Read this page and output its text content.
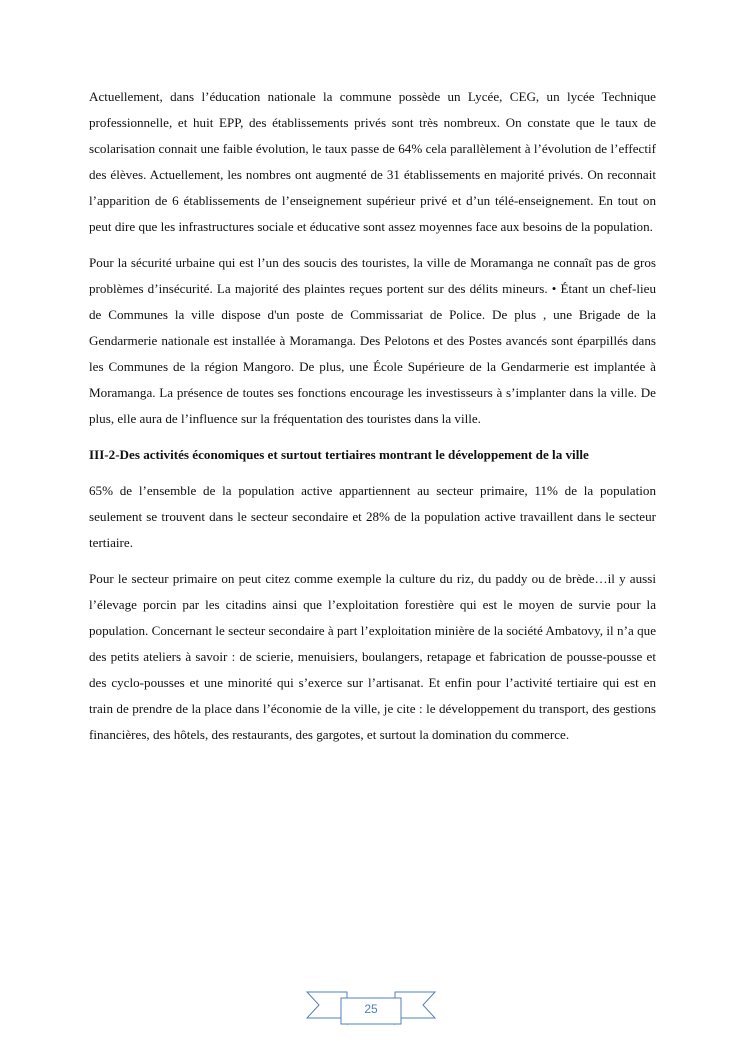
Actuellement, dans l’éducation nationale la commune possède un Lycée, CEG, un lycée Technique professionnelle, et huit EPP, des établissements privés sont très nombreux. On constate que le taux de scolarisation connait une faible évolution, le taux passe de 64% cela parallèlement à l’évolution de l’effectif des élèves. Actuellement, les nombres ont augmenté de 31 établissements en majorité privés. On reconnait l’apparition de 6 établissements de l’enseignement supérieur privé et d’un télé-enseignement. En tout on peut dire que les infrastructures sociale et éducative sont assez moyennes face aux besoins de la population.

Pour la sécurité urbaine qui est l’un des soucis des touristes, la ville de Moramanga ne connaît pas de gros problèmes d’insécurité. La majorité des plaintes reçues portent sur des délits mineurs. • Étant un chef-lieu de Communes la ville dispose d'un poste de Commissariat de Police. De plus , une Brigade de la Gendarmerie nationale est installée à Moramanga. Des Pelotons et des Postes avancés sont éparpillés dans les Communes de la région Mangoro. De plus, une École Supérieure de la Gendarmerie est implantée à Moramanga. La présence de toutes ses fonctions encourage les investisseurs à s’implanter dans la ville. De plus, elle aura de l’influence sur la fréquentation des touristes dans la ville.

III-2-Des activités économiques et surtout tertiaires montrant le développement de la ville

65% de l’ensemble de la population active appartiennent au secteur primaire, 11% de la population seulement se trouvent dans le secteur secondaire et 28% de la population active travaillent dans le secteur tertiaire.

Pour le secteur primaire on peut citez comme exemple la culture du riz, du paddy ou de brède…il y aussi l’élevage porcin par les citadins ainsi que l’exploitation forestière qui est le moyen de survie pour la population. Concernant le secteur secondaire à part l’exploitation minière de la société Ambatovy, il n’a que des petits ateliers à savoir : de scierie, menuisiers, boulangers, retapage et fabrication de pousse-pousse et des cyclo-pousses et une minorité qui s’exerce sur l’artisanat. Et enfin pour l’activité tertiaire qui est en train de prendre de la place dans l’économie de la ville, je cite : le développement du transport, des gestions financières, des hôtels, des restaurants, des gargotes, et surtout la domination du commerce.

25
